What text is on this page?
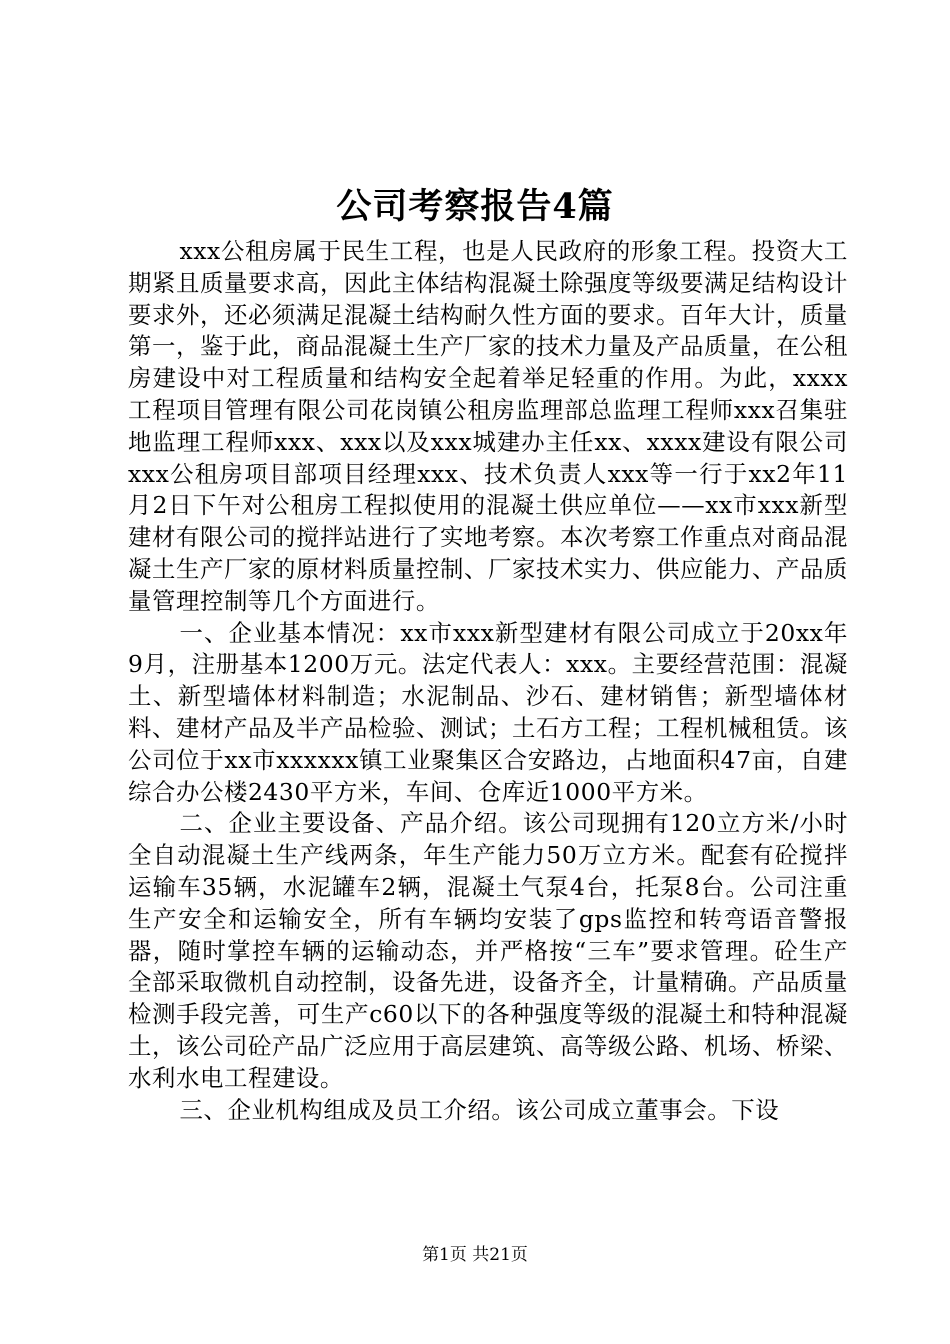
公司考察报告4篇

xxx公租房属于民生工程，也是人民政府的形象工程。投资大工期紧且质量要求高，因此主体结构混凝土除强度等级要满足结构设计要求外，还必须满足混凝土结构耐久性方面的要求。百年大计，质量第一，鉴于此，商品混凝土生产厂家的技术力量及产品质量，在公租房建设中对工程质量和结构安全起着举足轻重的作用。为此，xxxx工程项目管理有限公司花岗镇公租房监理部总监理工程师xxx召集驻地监理工程师xxx、xxx以及xxx城建办主任xx、xxxx建设有限公司xxx公租房项目部项目经理xxx、技术负责人xxx等一行于xx2年11月2日下午对公租房工程拟使用的混凝土供应单位——xx市xxx新型建材有限公司的搅拌站进行了实地考察。本次考察工作重点对商品混凝土生产厂家的原材料质量控制、厂家技术实力、供应能力、产品质量管理控制等几个方面进行。

一、企业基本情况：xx市xxx新型建材有限公司成立于20xx年9月，注册基本1200万元。法定代表人：xxx。主要经营范围：混凝土、新型墙体材料制造；水泥制品、沙石、建材销售；新型墙体材料、建材产品及半产品检验、测试；土石方工程；工程机械租赁。该公司位于xx市xxxxxx镇工业聚集区合安路边，占地面积47亩，自建综合办公楼2430平方米，车间、仓库近1000平方米。

二、企业主要设备、产品介绍。该公司现拥有120立方米/小时全自动混凝土生产线两条，年生产能力50万立方米。配套有砼搅拌运输车35辆，水泥罐车2辆，混凝土气泵4台，托泵8台。公司注重生产安全和运输安全，所有车辆均安装了gps监控和转弯语音警报器，随时掌控车辆的运输动态，并严格按“三车”要求管理。砼生产全部采取微机自动控制，设备先进，设备齐全，计量精确。产品质量检测手段完善，可生产c60以下的各种强度等级的混凝土和特种混凝土，该公司砼产品广泛应用于高层建筑、高等级公路、机场、桥梁、水利水电工程建设。

三、企业机构组成及员工介绍。该公司成立董事会。下设

第1页 共21页
